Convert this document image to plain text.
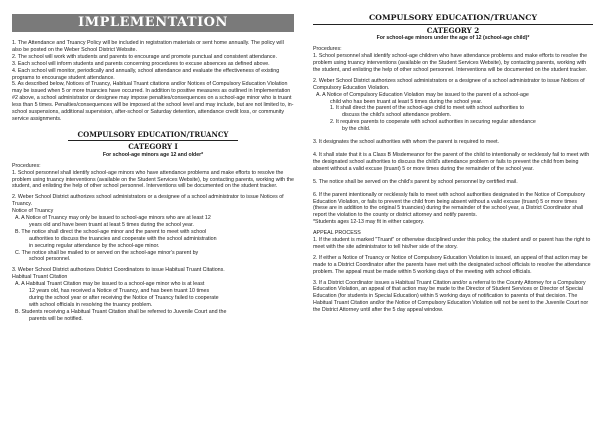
IMPLEMENTATION

1. The Attendance and Truancy Policy will be included in registration materials or sent home annually. The policy will also be posted on the Weber School District Website.

2. The school will work with students and parents to encourage and promote punctual and consistent attendance.

3. Each school will inform students and parents concerning procedures to excuse absences as defined above.

4. Each school will monitor, periodically and annually, school attendance and evaluate the effectiveness of existing programs to encourage student attendance.

5. As described below, Notices of Truancy, Habitual Truant citations and/or Notices of Compulsory Education Violation may be issued when 5 or more truancies have occurred. In addition to positive measures as outlined in Implementation #2 above, a school administrator or designee may impose penalties/consequences on a school-age minor who is truant less than 5 times. Penalties/consequences will be imposed at the school level and may include, but are not limited to, in-school suspensions, additional supervision, after-school or Saturday detention, attendance credit loss, or community service assignments.

COMPULSORY EDUCATION/TRUANCY
CATEGORY I
For school-age minors age 12 and older*

Procedures:

1. School personnel shall identify school-age minors who have attendance problems and make efforts to resolve the problem using truancy interventions (available on the Student Services Website), by contacting parents, working with the student, and enlisting the help of other school personnel. Interventions will be documented on the student tracker.

2. Weber School District authorizes school administrators or a designee of a school administrator to issue Notices of Truancy.

Notice of Truancy

A. A Notice of Truancy may only be issued to school-age minors who are at least 12

years old and have been truant at least 5 times during the school year.

B. The notice shall direct the school-age minor and the parent to meet with school

authorities to discuss the truancies and cooperate with the school administration

in securing regular attendance by the school-age minor.

C. The notice shall be mailed to or served on the school-age minor's parent by

school personnel.

3. Weber School District authorizes District Coordinators to issue Habitual Truant Citations.

Habitual Truant Citation

A. A Habitual Truant Citation may be issued to a school-age minor who is at least

12 years old, has received a Notice of Truancy, and has been truant 10 times

during the school year or after receiving the Notice of Truancy failed to cooperate

with school officials in resolving the truancy problem.

B. Students receiving a Habitual Truant Citation shall be referred to Juvenile Court and the

parents will be notified.

COMPULSORY EDUCATION/TRUANCY
CATEGORY 2
For school-age minors under the age of 12 (school-age child)*

Procedures:

1. School personnel shall identify school-age children who have attendance problems and make efforts to resolve the problem using truancy interventions (available on the Student Services Website), by contacting parents, working with the student, and enlisting the help of other school personnel. Interventions will be documented on the student tracker.

2. Weber School District authorizes school administrators or a designee of a school administrator to issue Notices of Compulsory Education Violation.

A. A Notice of Compulsory Education Violation may be issued to the parent of a school-age

child who has been truant at least 5 times during the school year.

1. It shall direct the parent of the school-age child to meet with school authorities to

discuss the child's school attendance problem.

2. It requires parents to cooperate with school authorities in securing regular attendance

by the child.

3. It designates the school authorities with whom the parent is required to meet.

4. It shall state that it is a Class B Misdemeanor for the parent of the child to intentionally or recklessly fail to meet with the designated school authorities to discuss the child's attendance problem or fails to prevent the child from being absent without a valid excuse (truant) 5 or more times during the remainder of the school year.

5. The notice shall be served on the child's parent by school personnel by certified mail.

6. If the parent intentionally or recklessly fails to meet with school authorities designated in the Notice of Compulsory Education Violation, or fails to prevent the child from being absent without a valid excuse (truant) 5 or more times (these are in addition to the original 5 truancies) during the remainder of the school year, a District Coordinator shall report the violation to the county or district attorney and notify parents.

*Students ages 12-13 may fit in either category.

APPEAL PROCESS

1. If the student is marked "Truant" or otherwise disciplined under this policy, the student and/ or parent has the right to meet with the site administrator to tell his/her side of the story.

2. If either a Notice of Truancy or Notice of Compulsory Education Violation is issued, an appeal of that action may be made to a District Coordinator after the parents have met with the designated school officials to resolve the attendance problem. The appeal must be made within 5 working days of the meeting with school officials.

3. If a District Coordinator issues a Habitual Truant Citation and/or a referral to the County Attorney for a Compulsory Education Violation, an appeal of that action may be made to the Director of Student Services or Director of Special Education (for students in Special Education) within 5 working days of notification to parents of that decision. The Habitual Truant Citation and/or the Notice of Compulsory Education Violation will not be sent to the Juvenile Court nor the District Attorney until after the 5 day appeal window.
